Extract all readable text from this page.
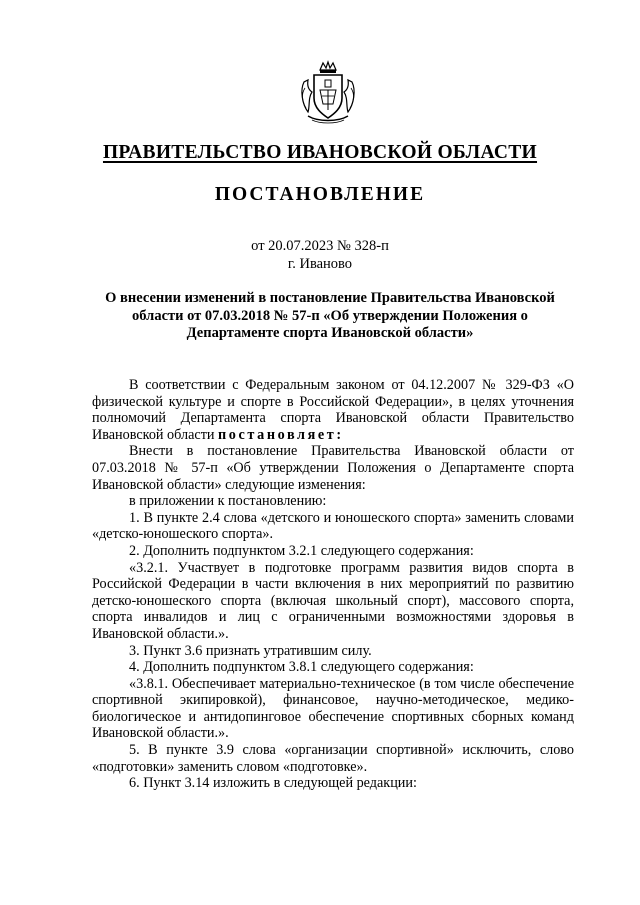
ПРАВИТЕЛЬСТВО ИВАНОВСКОЙ ОБЛАСТИ
ПОСТАНОВЛЕНИЕ
от 20.07.2023 № 328-п
г. Иваново
О внесении изменений в постановление Правительства Ивановской области от 07.03.2018 № 57-п «Об утверждении Положения о Департаменте спорта Ивановской области»

В соответствии с Федеральным законом от 04.12.2007 № 329-ФЗ «О физической культуре и спорте в Российской Федерации», в целях уточнения полномочий Департамента спорта Ивановской области Правительство Ивановской области постановляет:

Внести в постановление Правительства Ивановской области от 07.03.2018 № 57-п «Об утверждении Положения о Департаменте спорта Ивановской области» следующие изменения:

в приложении к постановлению:

1. В пункте 2.4 слова «детского и юношеского спорта» заменить словами «детско-юношеского спорта».

2. Дополнить подпунктом 3.2.1 следующего содержания:

«3.2.1. Участвует в подготовке программ развития видов спорта в Российской Федерации в части включения в них мероприятий по развитию детско-юношеского спорта (включая школьный спорт), массового спорта, спорта инвалидов и лиц с ограниченными возможностями здоровья в Ивановской области.».

3. Пункт 3.6 признать утратившим силу.

4. Дополнить подпунктом 3.8.1 следующего содержания:

«3.8.1. Обеспечивает материально-техническое (в том числе обеспечение спортивной экипировкой), финансовое, научно-методическое, медико-биологическое и антидопинговое обеспечение спортивных сборных команд Ивановской области.».

5. В пункте 3.9 слова «организации спортивной» исключить, слово «подготовки» заменить словом «подготовке».

6. Пункт 3.14 изложить в следующей редакции:
